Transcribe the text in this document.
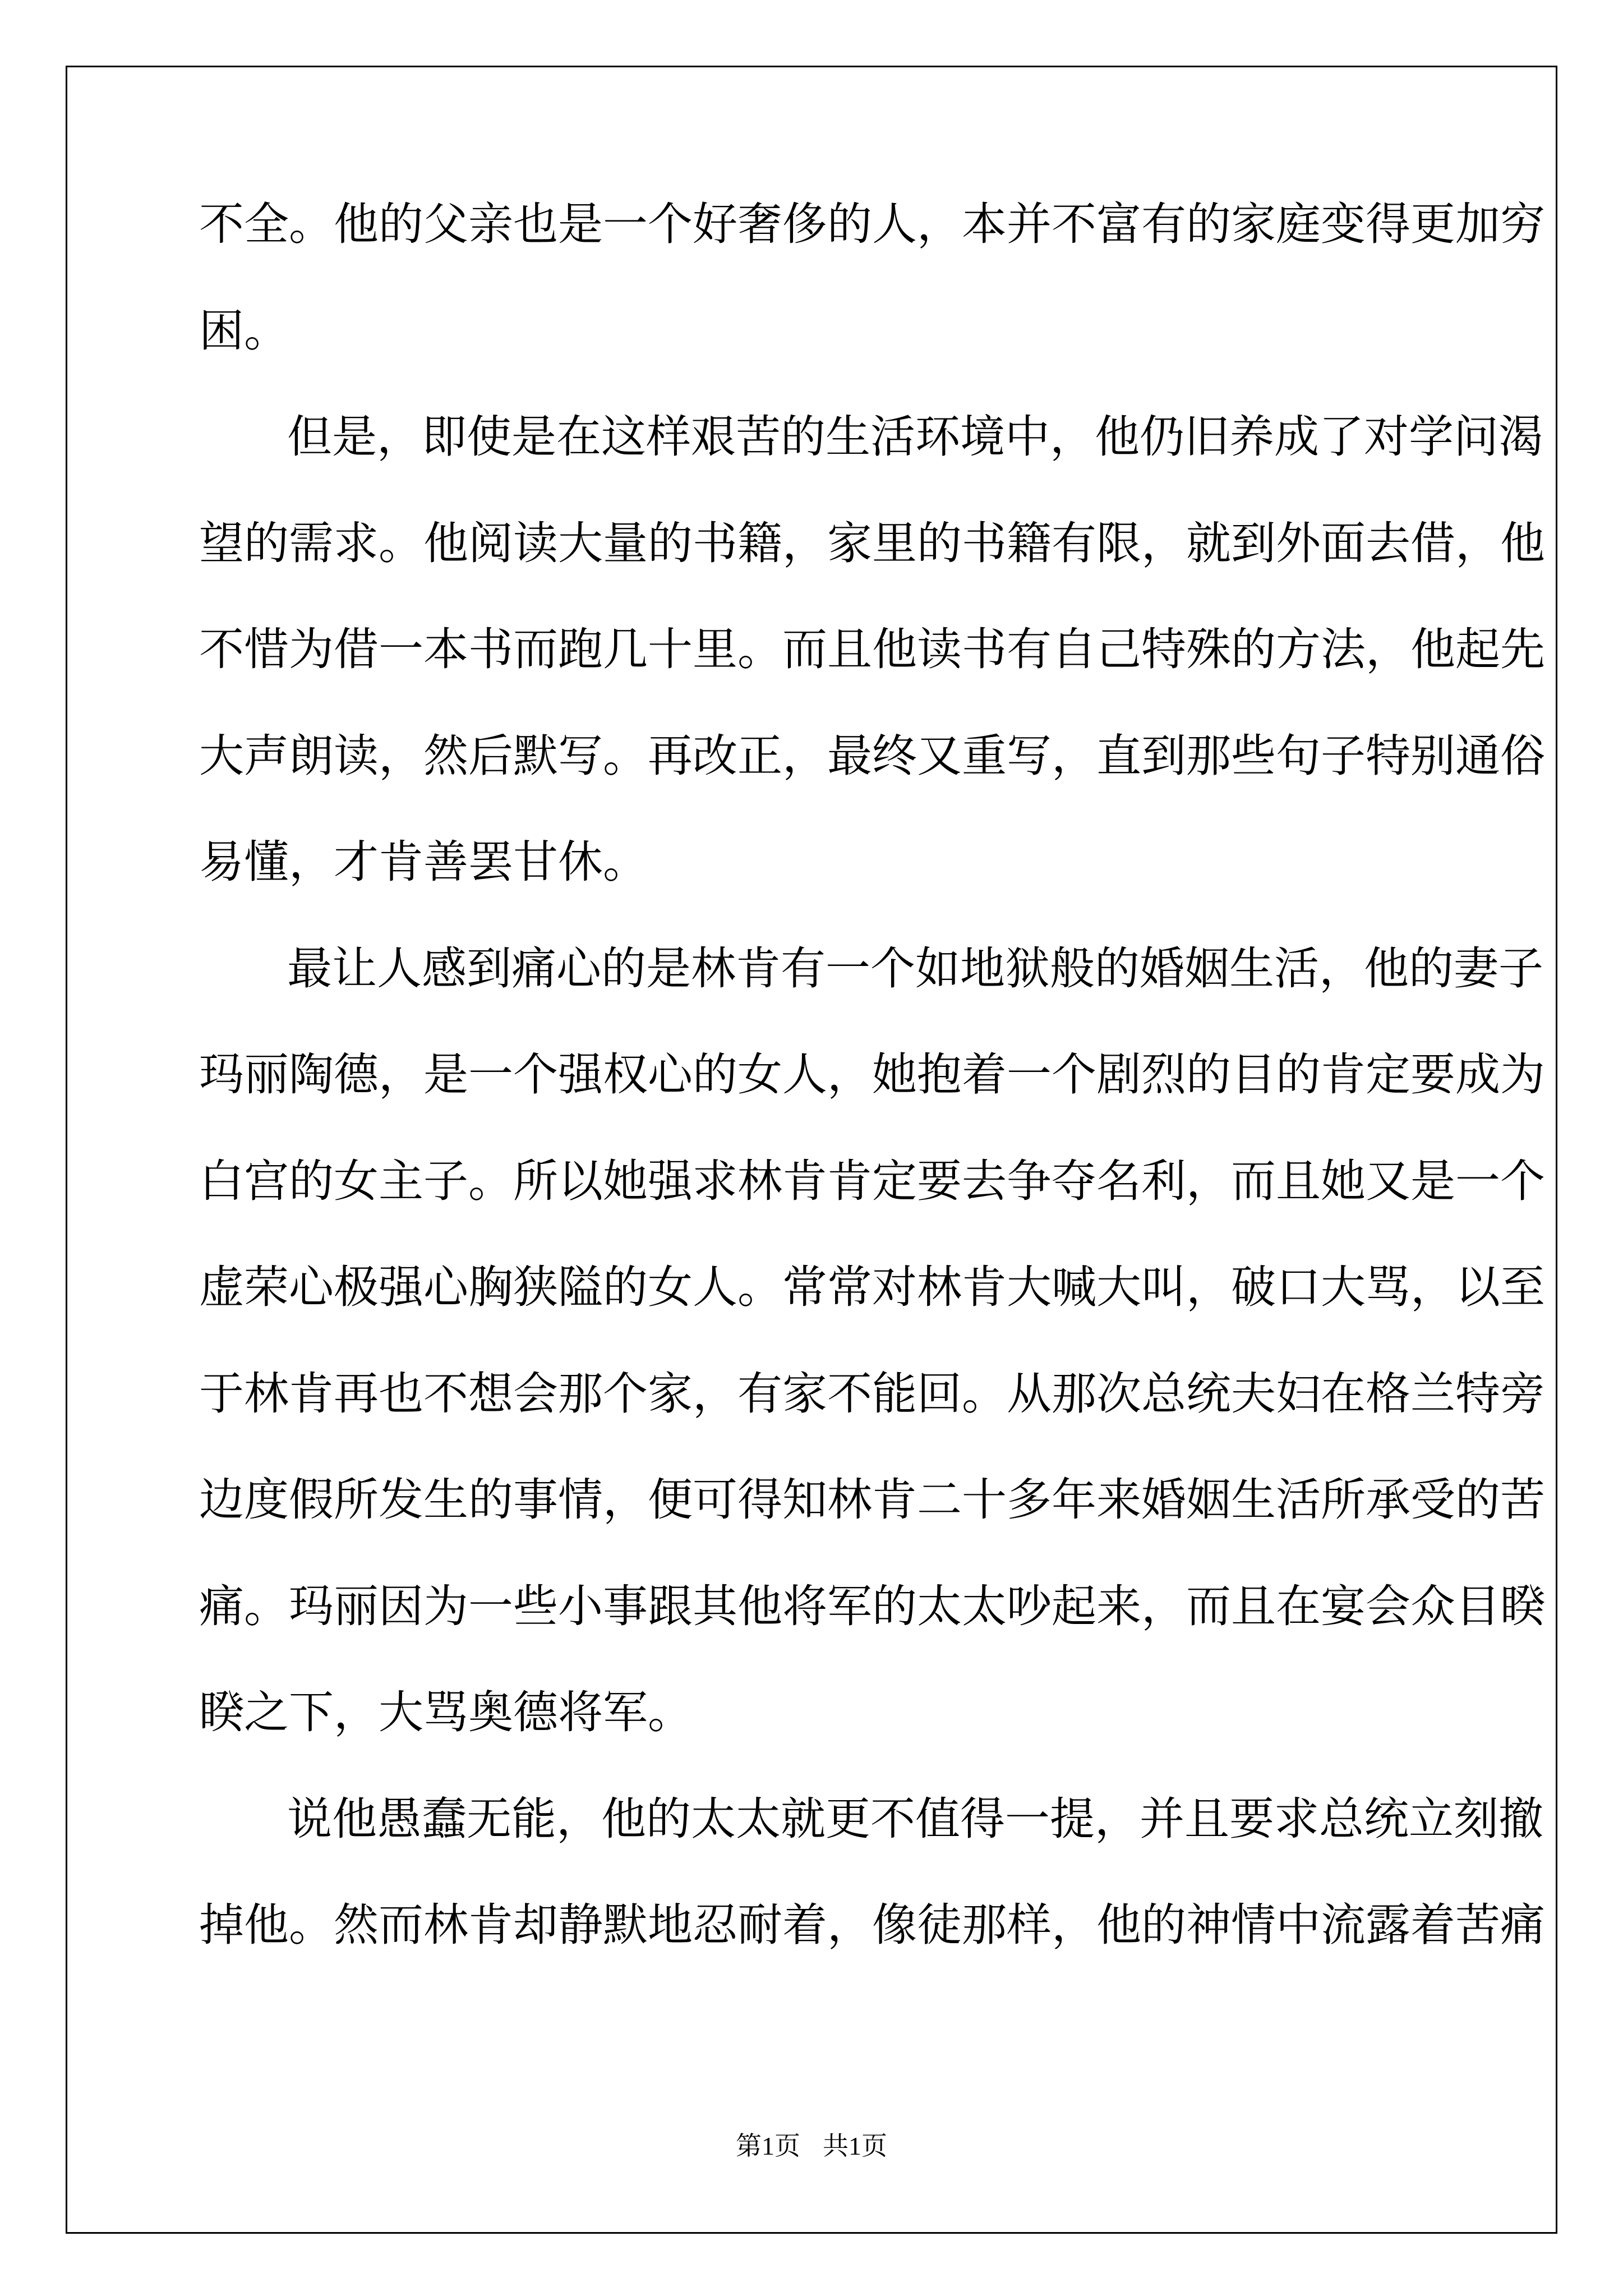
不全。他的父亲也是一个好奢侈的人，本并不富有的家庭变得更加穷
困。
但是，即使是在这样艰苦的生活环境中，他仍旧养成了对学问渴
望的需求。他阅读大量的书籍，家里的书籍有限，就到外面去借，他
不惜为借一本书而跑几十里。而且他读书有自己特殊的方法，他起先
大声朗读，然后默写。再改正，最终又重写，直到那些句子特别通俗
易懂，才肯善罢甘休。
最让人感到痛心的是林肯有一个如地狱般的婚姻生活，他的妻子
玛丽陶德，是一个强权心的女人，她抱着一个剧烈的目的肯定要成为
白宫的女主子。所以她强求林肯肯定要去争夺名利，而且她又是一个
虚荣心极强心胸狭隘的女人。常常对林肯大喊大叫，破口大骂，以至
于林肯再也不想会那个家，有家不能回。从那次总统夫妇在格兰特旁
边度假所发生的事情，便可得知林肯二十多年来婚姻生活所承受的苦
痛。玛丽因为一些小事跟其他将军的太太吵起来，而且在宴会众目睽
睽之下，大骂奥德将军。
说他愚蠢无能，他的太太就更不值得一提，并且要求总统立刻撤
掉他。然而林肯却静默地忍耐着，像徒那样，他的神情中流露着苦痛
第1页 共1页
